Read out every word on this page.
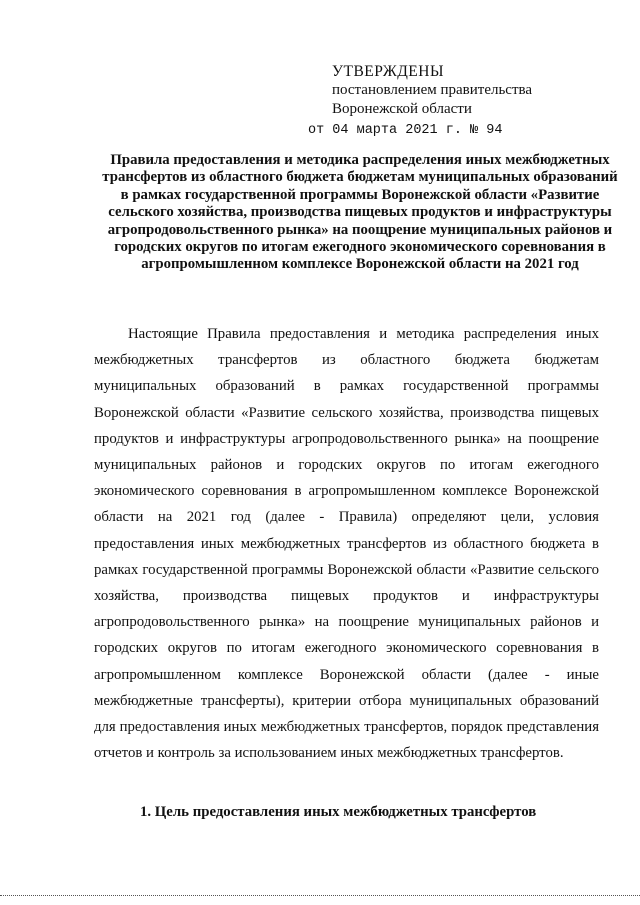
УТВЕРЖДЕНЫ
постановлением правительства
Воронежской области
от 04 марта 2021 г. № 94
Правила предоставления и методика распределения иных межбюджетных трансфертов из областного бюджета бюджетам муниципальных образований в рамках государственной программы Воронежской области «Развитие сельского хозяйства, производства пищевых продуктов и инфраструктуры агропродовольственного рынка» на поощрение муниципальных районов и городских округов по итогам ежегодного экономического соревнования в агропромышленном комплексе Воронежской области на 2021 год
Настоящие Правила предоставления и методика распределения иных межбюджетных трансфертов из областного бюджета бюджетам муниципальных образований в рамках государственной программы Воронежской области «Развитие сельского хозяйства, производства пищевых продуктов и инфраструктуры агропродовольственного рынка» на поощрение муниципальных районов и городских округов по итогам ежегодного экономического соревнования в агропромышленном комплексе Воронежской области на 2021 год (далее - Правила) определяют цели, условия предоставления иных межбюджетных трансфертов из областного бюджета в рамках государственной программы Воронежской области «Развитие сельского хозяйства, производства пищевых продуктов и инфраструктуры агропродовольственного рынка» на поощрение муниципальных районов и городских округов по итогам ежегодного экономического соревнования в агропромышленном комплексе Воронежской области (далее - иные межбюджетные трансферты), критерии отбора муниципальных образований для предоставления иных межбюджетных трансфертов, порядок представления отчетов и контроль за использованием иных межбюджетных трансфертов.
1. Цель предоставления иных межбюджетных трансфертов
